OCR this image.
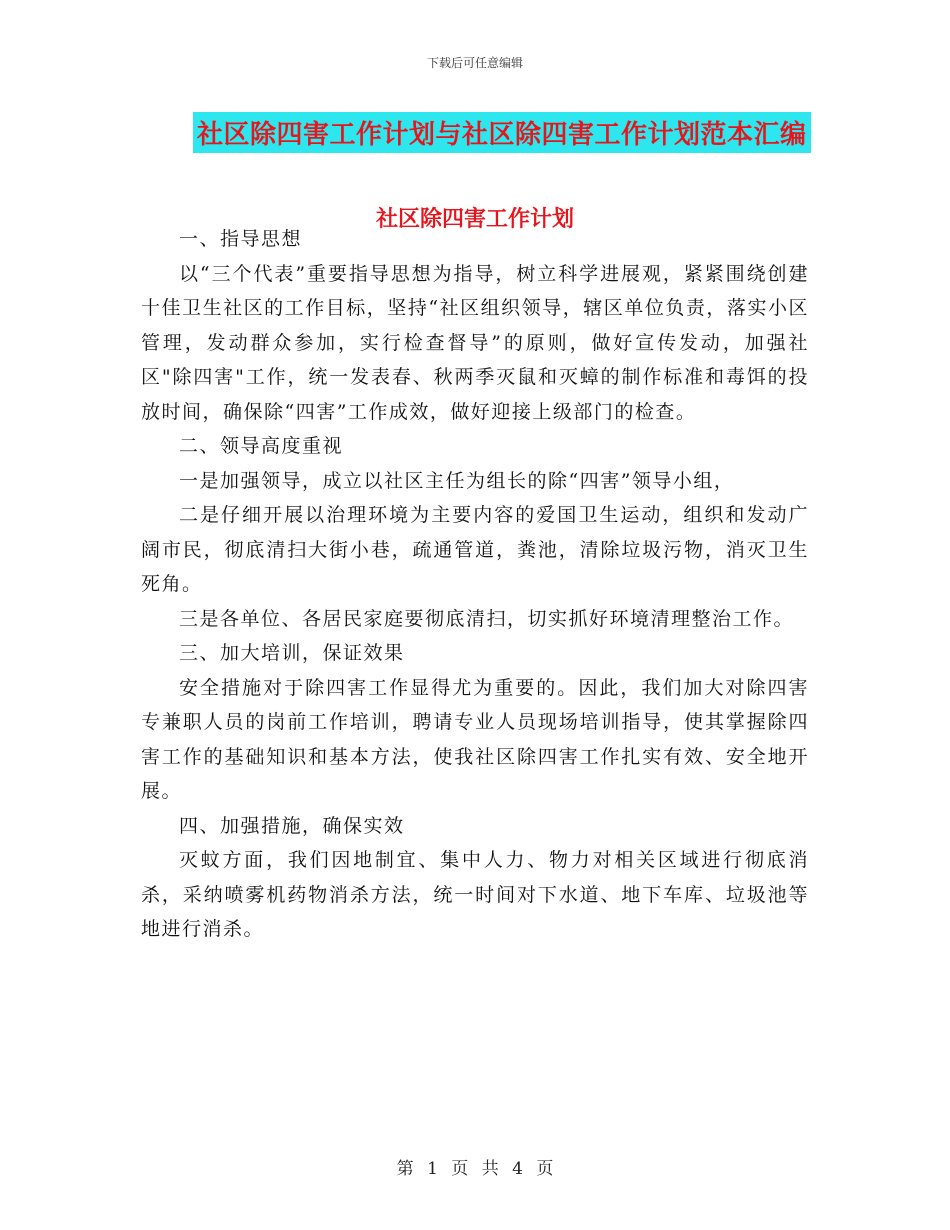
下载后可任意编辑
社区除四害工作计划与社区除四害工作计划范本汇编
社区除四害工作计划

一、指导思想

以“三个代表”重要指导思想为指导，树立科学进展观，紧紧围绕创建十佳卫生社区的工作目标，坚持“社区组织领导，辖区单位负责，落实小区管理，发动群众参加，实行检查督导”的原则，做好宣传发动，加强社区"除四害"工作，统一发表春、秋两季灭鼠和灭蟑的制作标准和毒饵的投放时间，确保除“四害”工作成效，做好迎接上级部门的检查。

二、领导高度重视

一是加强领导，成立以社区主任为组长的除“四害”领导小组，

二是仔细开展以治理环境为主要内容的爱国卫生运动，组织和发动广阔市民，彻底清扫大街小巷，疏通管道，粪池，清除垃圾污物，消灭卫生死角。

三是各单位、各居民家庭要彻底清扫，切实抓好环境清理整治工作。

三、加大培训，保证效果

安全措施对于除四害工作显得尤为重要的。因此，我们加大对除四害专兼职人员的岗前工作培训，聘请专业人员现场培训指导，使其掌握除四害工作的基础知识和基本方法，使我社区除四害工作扎实有效、安全地开展。

四、加强措施，确保实效

灭蚊方面，我们因地制宜、集中人力、物力对相关区域进行彻底消杀，采纳喷雾机药物消杀方法，统一时间对下水道、地下车库、垃圾池等地进行消杀。

第 1 页 共 4 页
